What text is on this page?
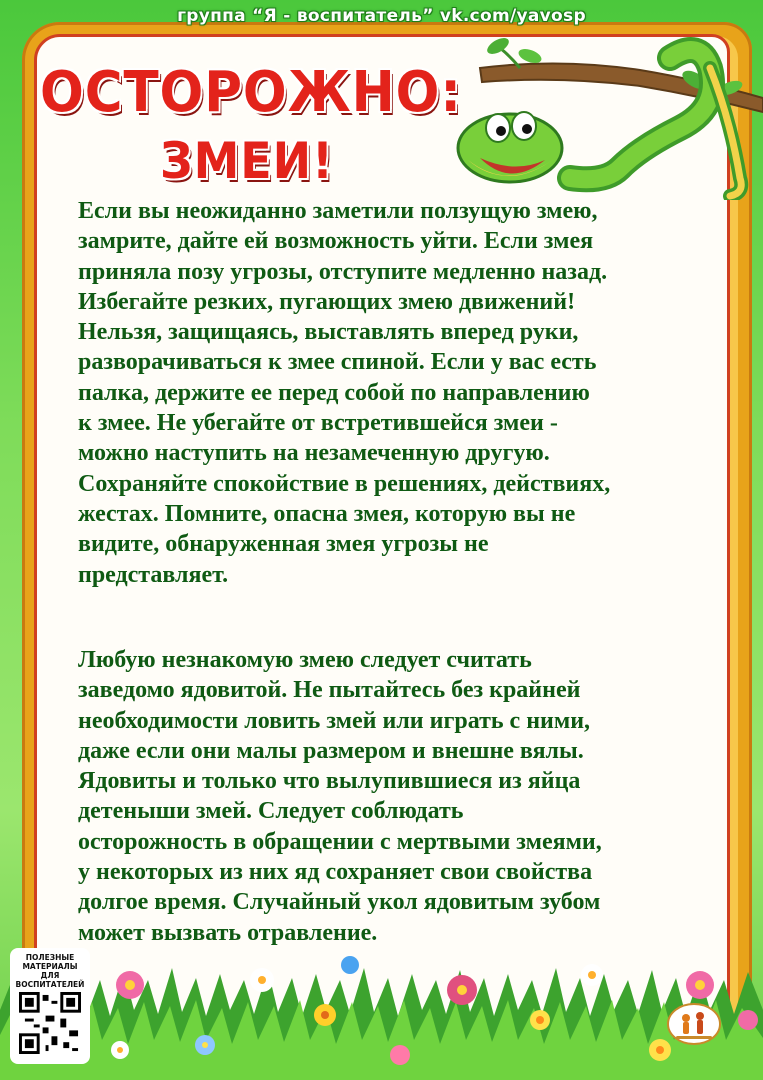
группа “Я - воспитатель” vk.com/yavosp
ОСТОРОЖНО:
ЗМЕИ!
Если вы неожиданно заметили ползущую змею,
замрите, дайте ей возможность уйти. Если змея
приняла позу угрозы, отступите медленно назад.
Избегайте резких, пугающих змею движений!
Нельзя, защищаясь, выставлять вперед руки,
разворачиваться к змее спиной. Если у вас есть
палка, держите ее перед собой по направлению
к змее. Не убегайте от встретившейся змеи -
можно наступить на незамеченную другую.
Сохраняйте спокойствие в решениях, действиях,
жестах. Помните, опасна змея, которую вы не
видите, обнаруженная змея угрозы не
представляет.
Любую незнакомую змею следует считать
заведомо ядовитой. Не пытайтесь без крайней
необходимости ловить змей или играть с ними,
даже если они малы размером и внешне вялы.
Ядовиты и только что вылупившиеся из яйца
детеныши змей. Следует соблюдать
осторожность в обращении с мертвыми змеями,
у некоторых из них яд сохраняет свои свойства
долгое время. Случайный укол ядовитым зубом
может вызвать отравление.
ПОЛЕЗНЫЕ МАТЕРИАЛЫ ДЛЯ ВОСПИТАТЕЛЕЙ
